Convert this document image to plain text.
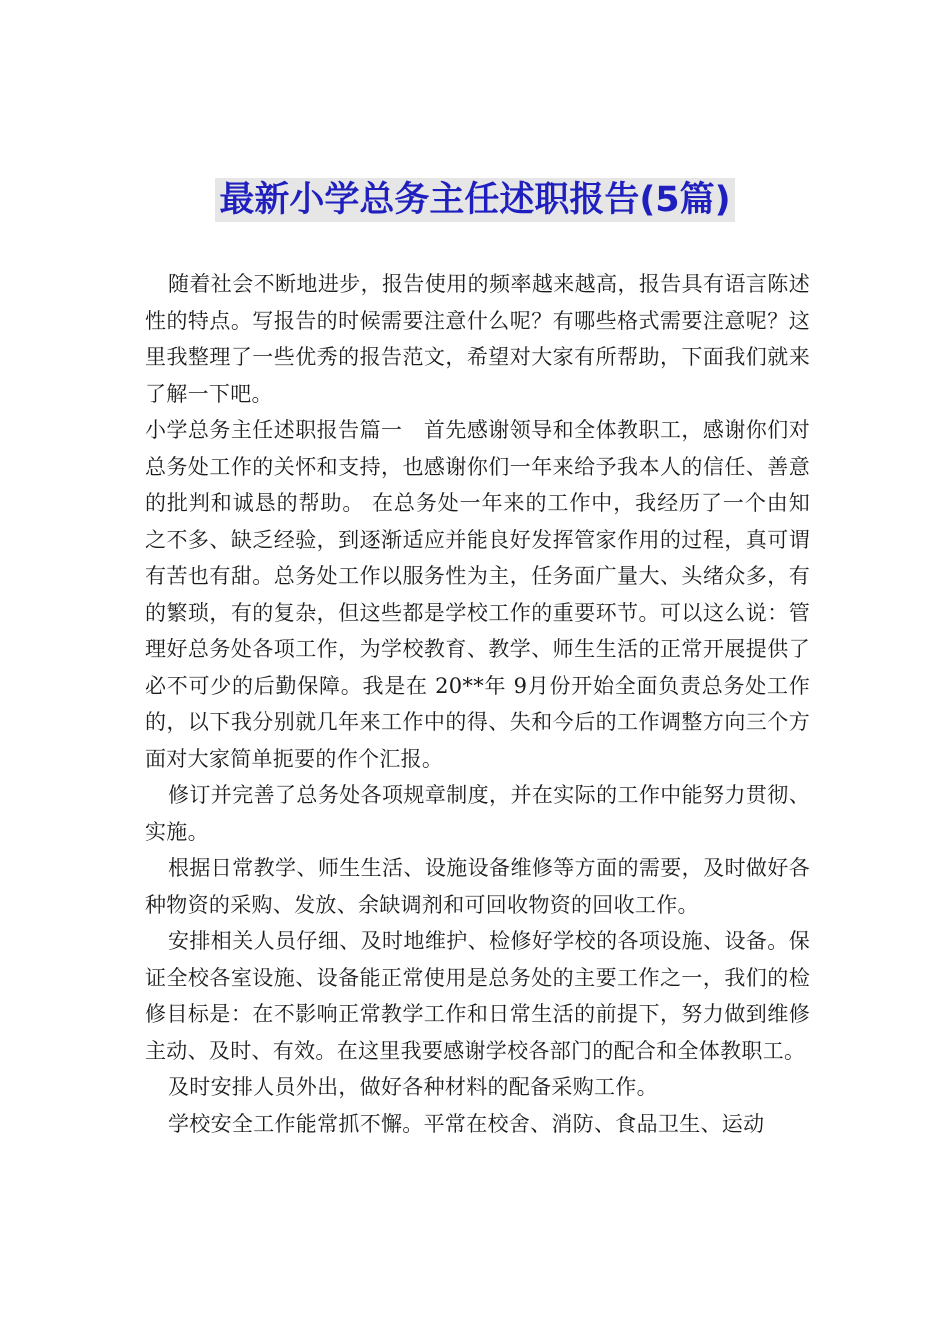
最新小学总务主任述职报告(5篇)

随着社会不断地进步，报告使用的频率越来越高，报告具有语言陈述性的特点。写报告的时候需要注意什么呢？有哪些格式需要注意呢？这里我整理了一些优秀的报告范文，希望对大家有所帮助，下面我们就来了解一下吧。

小学总务主任述职报告篇一　首先感谢领导和全体教职工，感谢你们对总务处工作的关怀和支持，也感谢你们一年来给予我本人的信任、善意的批判和诚恳的帮助。 在总务处一年来的工作中，我经历了一个由知之不多、缺乏经验，到逐渐适应并能良好发挥管家作用的过程，真可谓有苦也有甜。总务处工作以服务性为主，任务面广量大、头绪众多，有的繁琐，有的复杂，但这些都是学校工作的重要环节。可以这么说：管理好总务处各项工作，为学校教育、教学、师生生活的正常开展提供了必不可少的后勤保障。我是在 20**年 9月份开始全面负责总务处工作的，以下我分别就几年来工作中的得、失和今后的工作调整方向三个方面对大家简单扼要的作个汇报。

修订并完善了总务处各项规章制度，并在实际的工作中能努力贯彻、实施。

根据日常教学、师生生活、设施设备维修等方面的需要，及时做好各种物资的采购、发放、余缺调剂和可回收物资的回收工作。

安排相关人员仔细、及时地维护、检修好学校的各项设施、设备。保证全校各室设施、设备能正常使用是总务处的主要工作之一，我们的检修目标是：在不影响正常教学工作和日常生活的前提下，努力做到维修主动、及时、有效。在这里我要感谢学校各部门的配合和全体教职工。

及时安排人员外出，做好各种材料的配备采购工作。

学校安全工作能常抓不懈。平常在校舍、消防、食品卫生、运动
